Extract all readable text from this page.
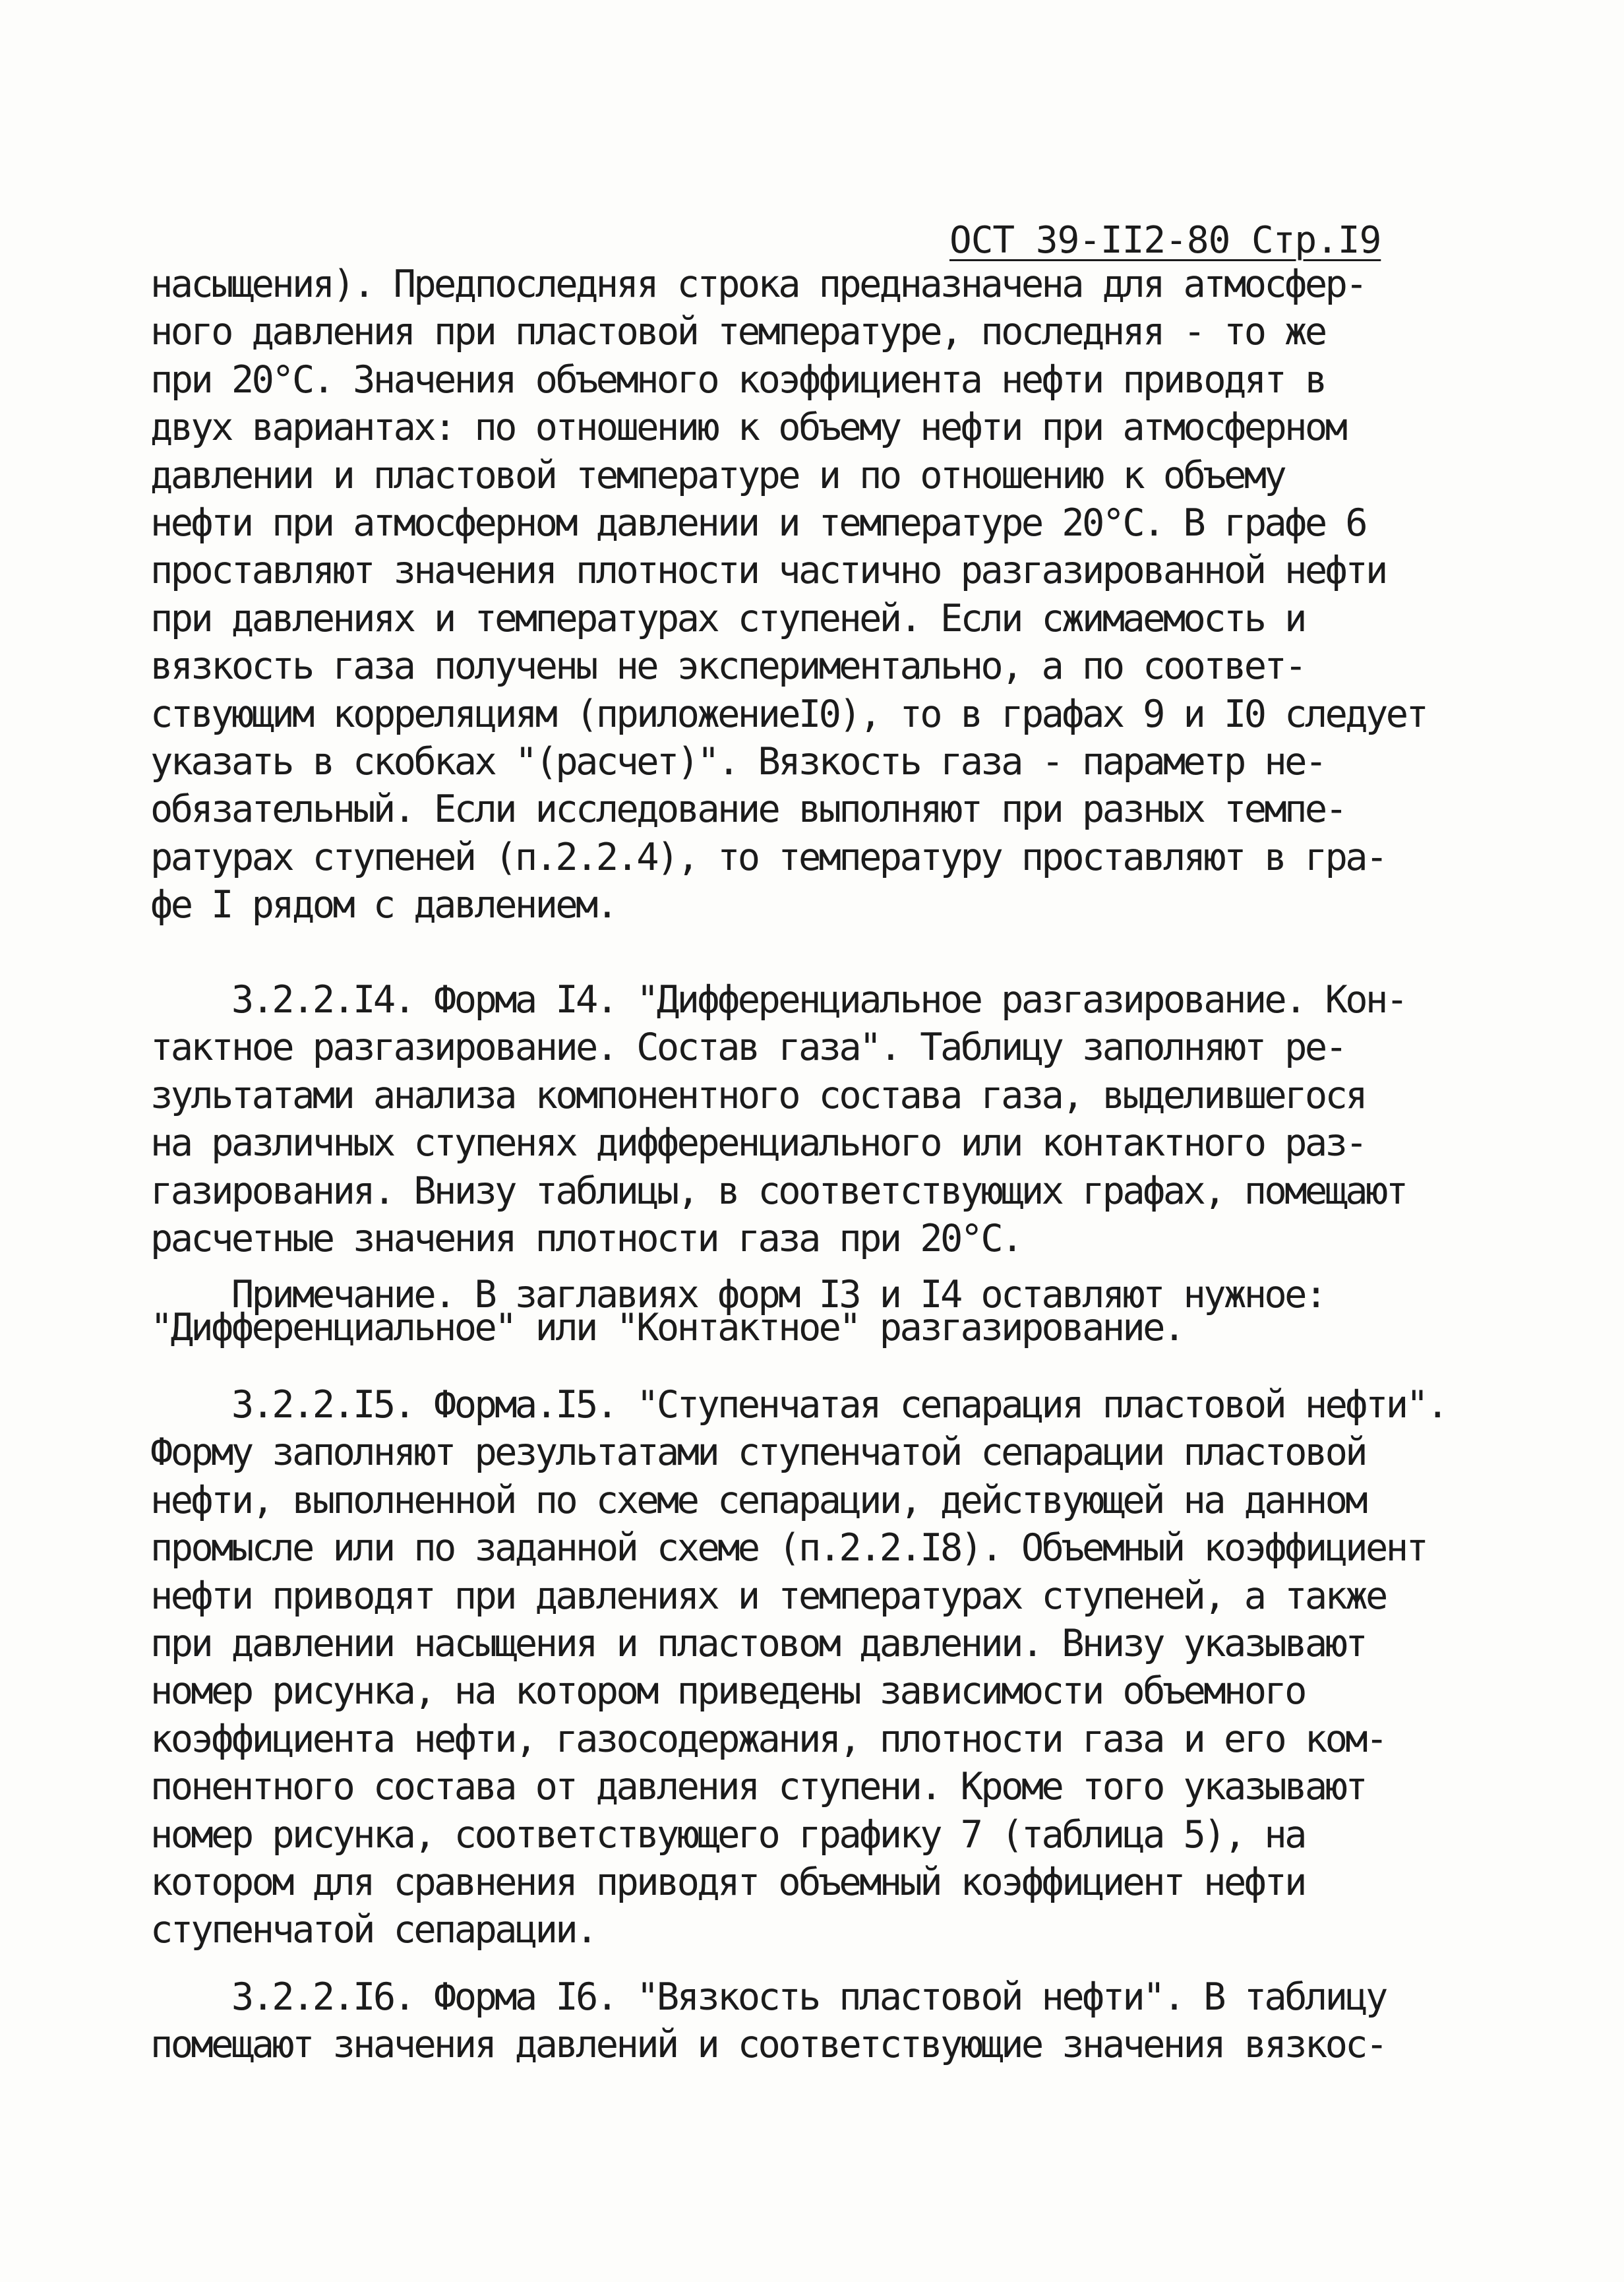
ОСТ 39-II2-80 Стр.I9
насыщения). Предпоследняя строка предназначена для атмосфер-
ного давления при пластовой температуре, последняя - то же
при 20°С. Значения объемного коэффициента нефти приводят в
двух вариантах: по отношению к объему нефти при атмосферном
давлении и пластовой температуре и по отношению к объему
нефти при атмосферном давлении и температуре 20°С. В графе 6
проставляют значения плотности частично разгазированной нефти
при давлениях и температурах ступеней. Если сжимаемость и
вязкость газа получены не экспериментально, а по соответ-
ствующим корреляциям (приложениеI0), то в графах 9 и I0 следует
указать в скобках "(расчет)". Вязкость газа - параметр не-
обязательный. Если исследование выполняют при разных темпе-
ратурах ступеней (п.2.2.4), то температуру проставляют в гра-
фе I рядом с давлением.
3.2.2.I4. Форма I4. "Дифференциальное разгазирование. Кон-
тактное разгазирование. Состав газа". Таблицу заполняют ре-
зультатами анализа компонентного состава газа, выделившегося
на различных ступенях дифференциального или контактного раз-
газирования. Внизу таблицы, в соответствующих графах, помещают
расчетные значения плотности газа при 20°С.
Примечание. В заглавиях форм I3 и I4 оставляют нужное:
"Дифференциальное" или "Контактное" разгазирование.
3.2.2.I5. Форма.I5. "Ступенчатая сепарация пластовой нефти".
Форму заполняют результатами ступенчатой сепарации пластовой
нефти, выполненной по схеме сепарации, действующей на данном
промысле или по заданной схеме (п.2.2.I8). Объемный коэффициент
нефти приводят при давлениях и температурах ступеней, а также
при давлении насыщения и пластовом давлении. Внизу указывают
номер рисунка, на котором приведены зависимости объемного
коэффициента нефти, газосодержания, плотности газа и его ком-
понентного состава от давления ступени. Кроме того указывают
номер рисунка, соответствующего графику 7 (таблица 5), на
котором для сравнения приводят объемный коэффициент нефти
ступенчатой сепарации.
3.2.2.I6. Форма I6. "Вязкость пластовой нефти". В таблицу
помещают значения давлений и соответствующие значения вязкос-
